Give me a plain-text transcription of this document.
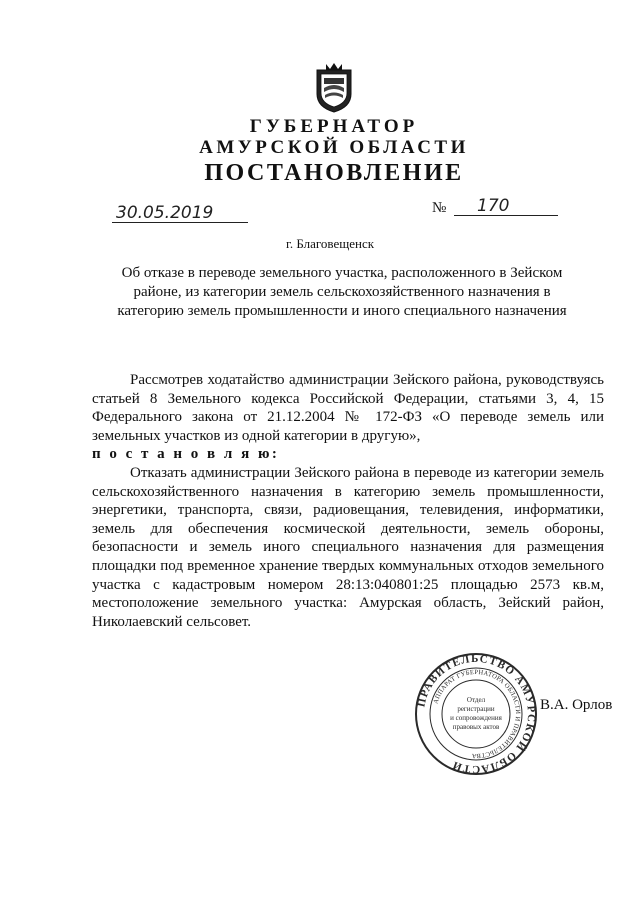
ГУБЕРНАТОР
АМУРСКОЙ ОБЛАСТИ
ПОСТАНОВЛЕНИЕ
30.05.2019	№ 170
г. Благовещенск
Об отказе в переводе земельного участка, расположенного в Зейском районе, из категории земель сельскохозяйственного назначения в категорию земель промышленности и иного специального назначения

Рассмотрев ходатайство администрации Зейского района, руководствуясь статьей 8 Земельного кодекса Российской Федерации, статьями 3, 4, 15 Федерального закона от 21.12.2004 № 172-ФЗ «О переводе земель или земельных участков из одной категории в другую»,

п о с т а н о в л я ю:

Отказать администрации Зейского района в переводе из категории земель сельскохозяйственного назначения в категорию земель промышленности, энергетики, транспорта, связи, радиовещания, телевидения, информатики, земель для обеспечения космической деятельности, земель обороны, безопасности и земель иного специального назначения для размещения площадки под временное хранение твердых коммунальных отходов земельного участка с кадастровым номером 28:13:040801:25 площадью 2573 кв.м, местоположение земельного участка: Амурская область, Зейский район, Николаевский сельсовет.

ПРАВИТЕЛЬСТВО АМУРСКОЙ ОБЛАСТИ
АППАРАТ ГУБЕРНАТОРА ОБЛАСТИ И ПРАВИТЕЛЬСТВА
Отдел
регистрации
и сопровождения
правовых актов
В.А. Орлов
